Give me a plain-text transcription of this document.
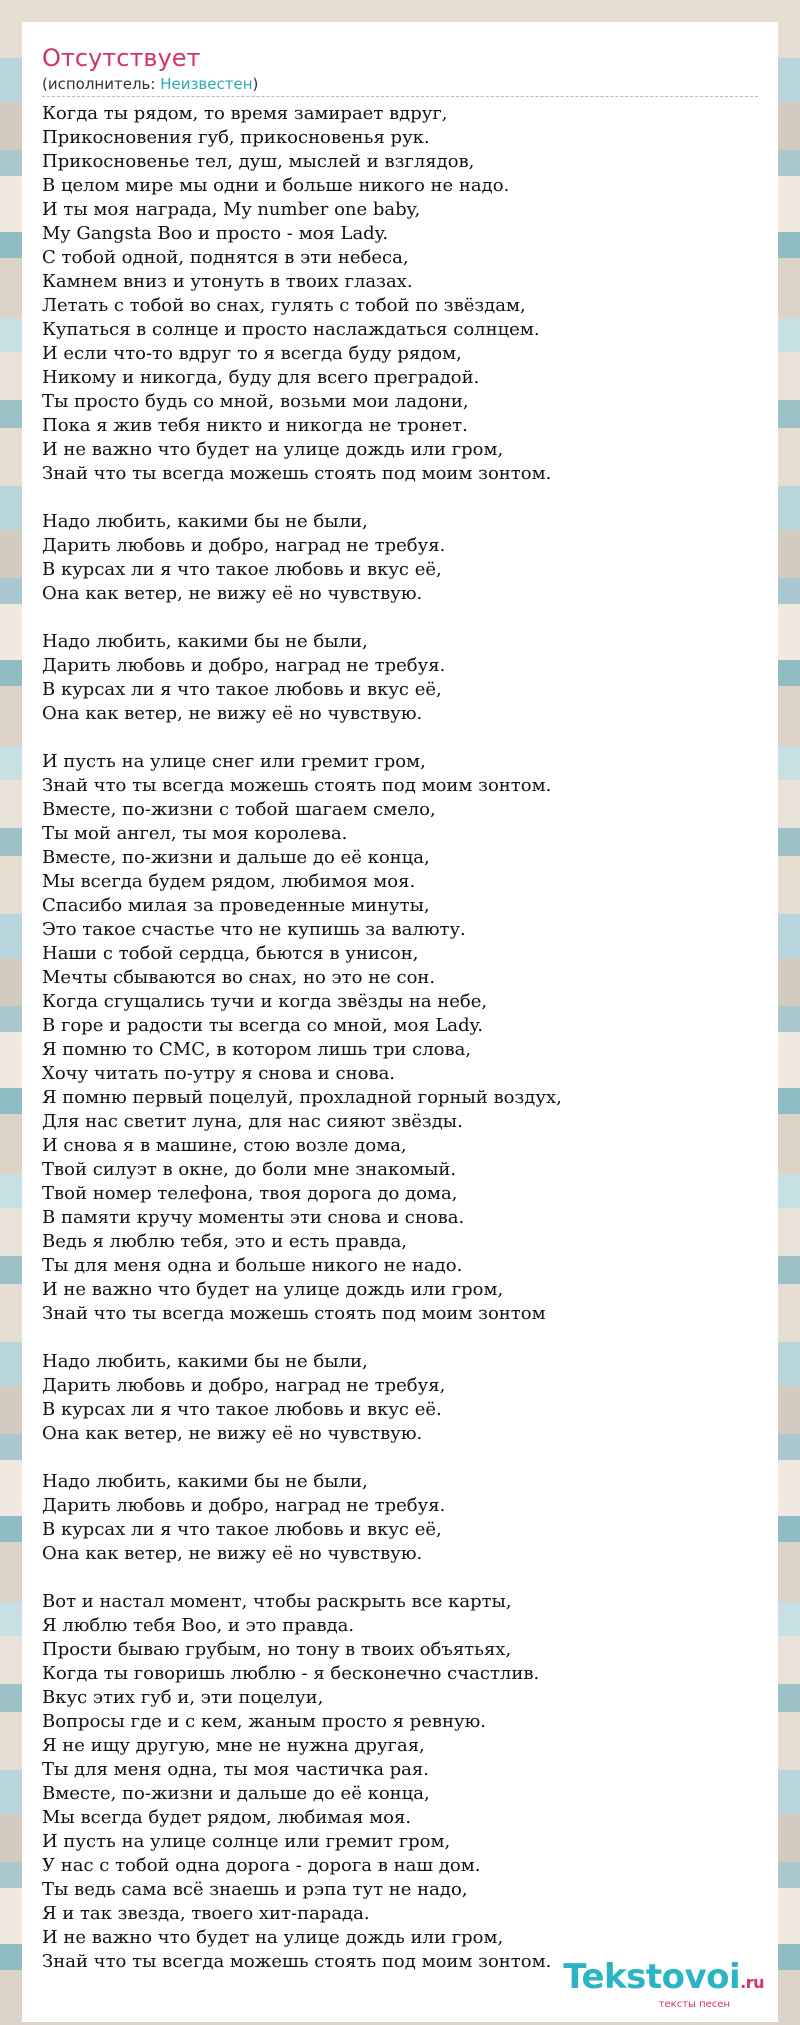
Отсутствует
(исполнитель: Неизвестен)
Когда ты рядом, то время замирает вдруг,
Прикосновения губ, прикосновенья рук.
Прикосновенье тел, душ, мыслей и взглядов,
В целом мире мы одни и больше никого не надо.
И ты моя награда, My number one baby,
My Gangsta Boo и просто - моя Lady.
С тобой одной, поднятся в эти небеса,
Камнем вниз и утонуть в твоих глазах.
Летать с тобой во снах, гулять с тобой по звёздам,
Купаться в солнце и просто наслаждаться солнцем.
И если что-то вдруг то я всегда буду рядом,
Никому и никогда, буду для всего преградой.
Ты просто будь со мной, возьми мои ладони,
Пока я жив тебя никто и никогда не тронет.
И не важно что будет на улице дождь или гром,
Знай что ты всегда можешь стоять под моим зонтом.
Надо любить, какими бы не были,
Дарить любовь и добро, наград не требуя.
В курсах ли я что такое любовь и вкус её,
Она как ветер, не вижу её но чувствую.
Надо любить, какими бы не были,
Дарить любовь и добро, наград не требуя.
В курсах ли я что такое любовь и вкус её,
Она как ветер, не вижу её но чувствую.
И пусть на улице снег или гремит гром,
Знай что ты всегда можешь стоять под моим зонтом.
Вместе, по-жизни с тобой шагаем смело,
Ты мой ангел, ты моя королева.
Вместе, по-жизни и дальше до её конца,
Мы всегда будем рядом, любимоя моя.
Спасибо милая за проведенные минуты,
Это такое счастье что не купишь за валюту.
Наши с тобой сердца, бьются в унисон,
Мечты сбываются во снах, но это не сон.
Когда сгущались тучи и когда звёзды на небе,
В горе и радости ты всегда со мной, моя Lady.
Я помню то СМС, в котором лишь три слова,
Хочу читать по-утру я снова и снова.
Я помню первый поцелуй, прохладной горный воздух,
Для нас светит луна, для нас сияют звёзды.
И снова я в машине, стою возле дома,
Твой силуэт в окне, до боли мне знакомый.
Твой номер телефона, твоя дорога до дома,
В памяти кручу моменты эти снова и снова.
Ведь я люблю тебя, это и есть правда,
Ты для меня одна и больше никого не надо.
И не важно что будет на улице дождь или гром,
Знай что ты всегда можешь стоять под моим зонтом
Надо любить, какими бы не были,
Дарить любовь и добро, наград не требуя,
В курсах ли я что такое любовь и вкус её.
Она как ветер, не вижу её но чувствую.
Надо любить, какими бы не были,
Дарить любовь и добро, наград не требуя.
В курсах ли я что такое любовь и вкус её,
Она как ветер, не вижу её но чувствую.
Вот и настал момент, чтобы раскрыть все карты,
Я люблю тебя Boo, и это правда.
Прости бываю грубым, но тону в твоих объятьях,
Когда ты говоришь люблю - я бесконечно счастлив.
Вкус этих губ и, эти поцелуи,
Вопросы где и с кем, жаным просто я ревную.
Я не ищу другую, мне не нужна другая,
Ты для меня одна, ты моя частичка рая.
Вместе, по-жизни и дальше до её конца,
Мы всегда будет рядом, любимая моя.
И пусть на улице солнце или гремит гром,
У нас с тобой одна дорога - дорога в наш дом.
Ты ведь сама всё знаешь и рэпа тут не надо,
Я и так звезда, твоего хит-парада.
И не важно что будет на улице дождь или гром,
Знай что ты всегда можешь стоять под моим зонтом. Tekstovoi.ru
тексты песен
